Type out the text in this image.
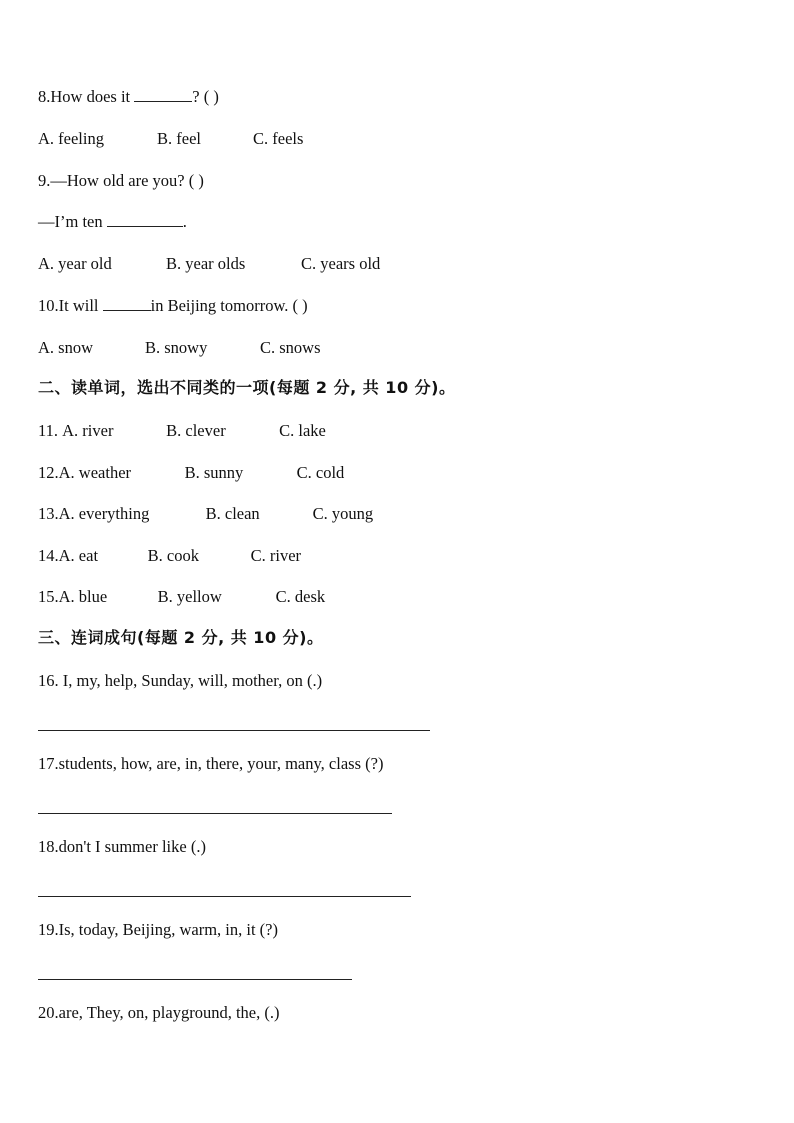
8.How does it	? ( )
A. feeling	B. feel	C. feels
9.—How old are you? ( )
—I’m ten	.
A. year old	B. year olds	C. years old
10.It will	in Beijing tomorrow. ( )
A. snow	B. snowy	C. snows
二、读单词，选出不同类的一项(每题 2 分, 共 10 分)。
11. A. river	B. clever	C. lake
12.A. weather	B. sunny	C. cold
13.A. everything	B. clean	C. young
14.A. eat	B. cook	C. river
15.A. blue	B. yellow	C. desk
三、连词成句(每题 2 分, 共 10 分)。
16. I, my, help, Sunday, will, mother, on (.)
17.students, how, are, in, there, your, many, class (?)
18.don't I summer like (.)
19.Is, today, Beijing, warm, in, it (?)
20.are, They, on, playground, the, (.)
